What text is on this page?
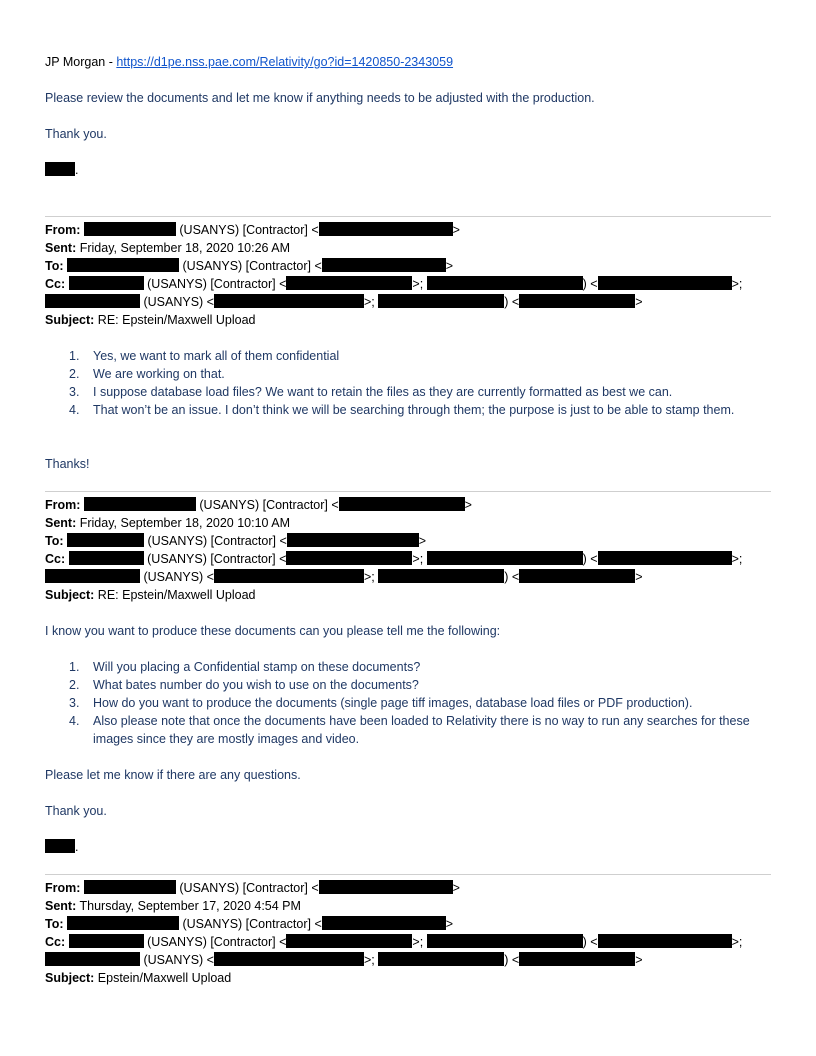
JP Morgan - https://d1pe.nss.pae.com/Relativity/go?id=1420850-2343059
Please review the documents and let me know if anything needs to be adjusted with the production.
Thank you.
.
From:	(USANYS) [Contractor] <	>
Sent: Friday, September 18, 2020 10:26 AM
To:	(USANYS) [Contractor] <	>
Cc:	(USANYS) [Contractor] <	>;	) <	>;
(USANYS) <	>;	) <	>
Subject: RE: Epstein/Maxwell Upload
1. Yes, we want to mark all of them confidential
2. We are working on that.
3. I suppose database load files? We want to retain the files as they are currently formatted as best we can.
4. That won’t be an issue. I don’t think we will be searching through them; the purpose is just to be able to stamp them.
Thanks!
From:	(USANYS) [Contractor] <	>
Sent: Friday, September 18, 2020 10:10 AM
To:	(USANYS) [Contractor] <	>
Cc:	(USANYS) [Contractor] <	>;	) <	>;
(USANYS) <	>;	) <	>
Subject: RE: Epstein/Maxwell Upload
I know you want to produce these documents can you please tell me the following:
1. Will you placing a Confidential stamp on these documents?
2. What bates number do you wish to use on the documents?
3. How do you want to produce the documents (single page tiff images, database load files or PDF production).
4. Also please note that once the documents have been loaded to Relativity there is no way to run any searches for these images since they are mostly images and video.
Please let me know if there are any questions.
Thank you.
.
From:	(USANYS) [Contractor] <	>
Sent: Thursday, September 17, 2020 4:54 PM
To:	(USANYS) [Contractor] <	>
Cc:	(USANYS) [Contractor] <	>;	) <	>;
(USANYS) <	>;	) <	>
Subject: Epstein/Maxwell Upload
